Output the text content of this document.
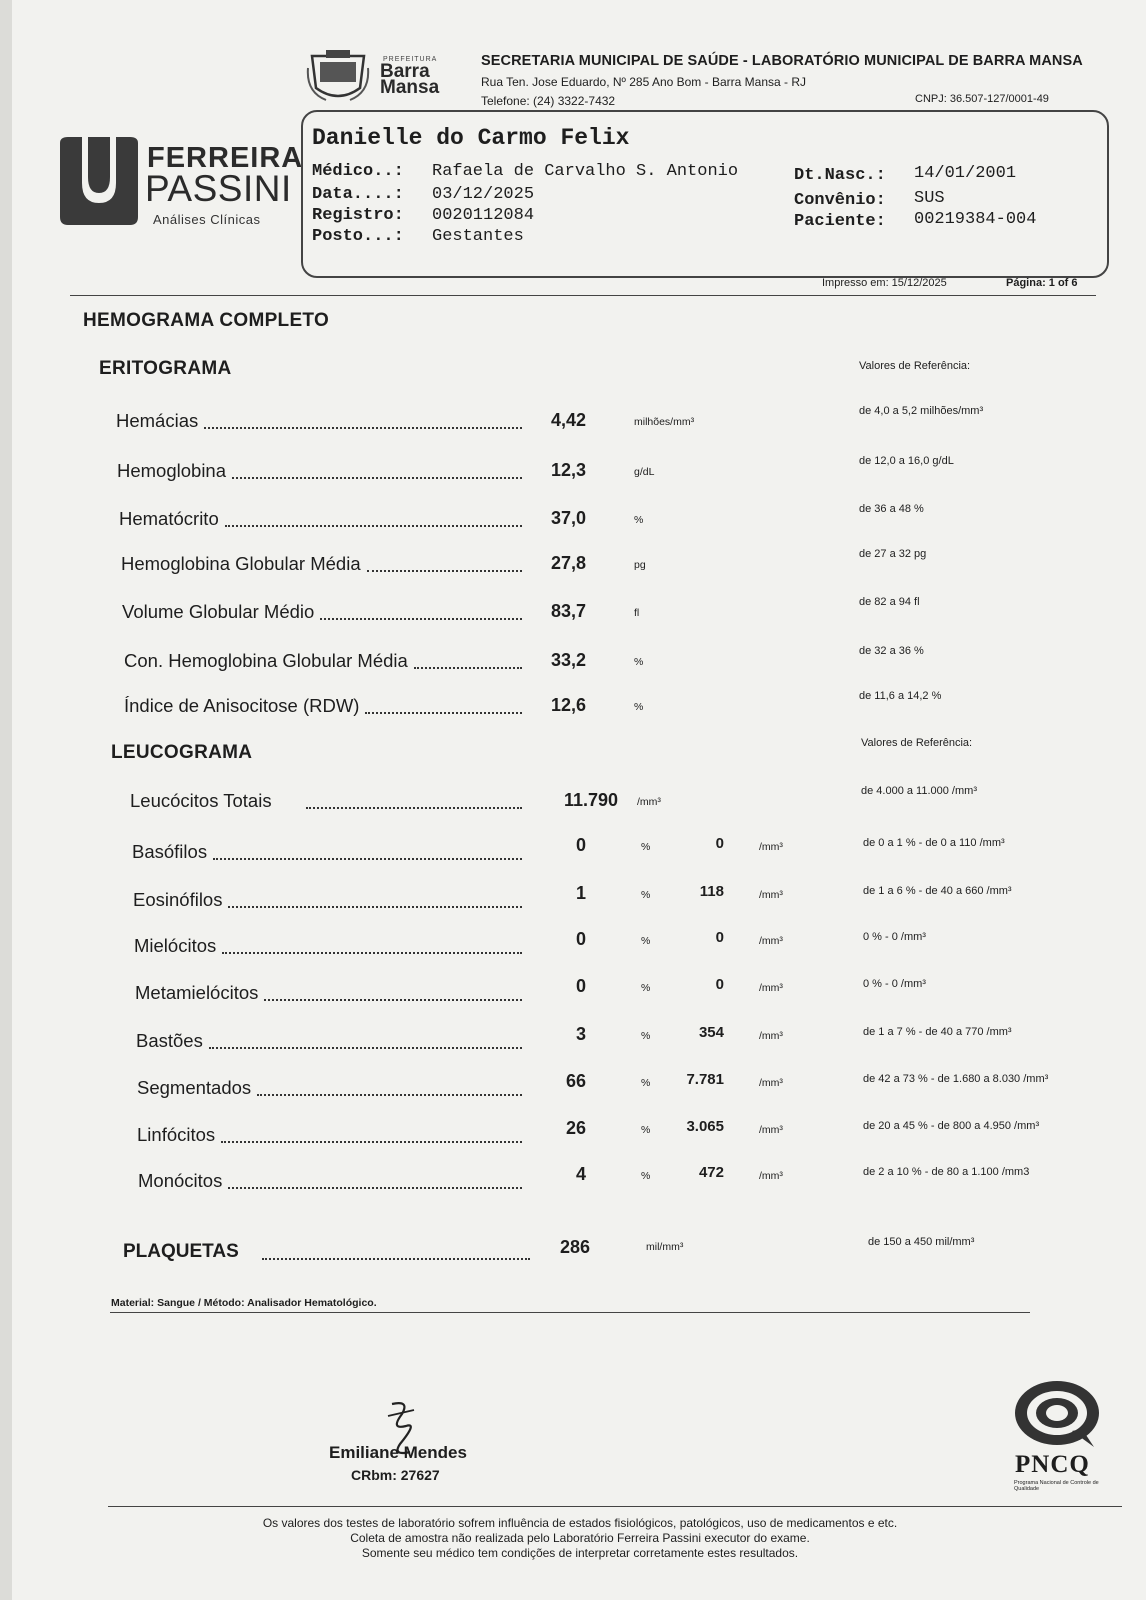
PREFEITURA
Barra
Mansa
SECRETARIA MUNICIPAL DE SAÚDE - LABORATÓRIO MUNICIPAL DE BARRA MANSA
Rua Ten. Jose Eduardo, Nº 285 Ano Bom - Barra Mansa - RJ
Telefone: (24) 3322-7432	CNPJ: 36.507-127/0001-49
FERREIRA
PASSINI
Análises Clínicas
Danielle do Carmo Felix
Médico..: Rafaela de Carvalho S. Antonio
Data....: 03/12/2025
Registro: 0020112084
Posto...: Gestantes
Dt.Nasc.: 14/01/2001
Convênio: SUS
Paciente: 00219384-004
Impresso em: 15/12/2025	Página: 1 of 6
HEMOGRAMA COMPLETO
ERITOGRAMA	Valores de Referência:
Hemácias	4,42	milhões/mm³
de 4,0 a 5,2 milhões/mm³
Hemoglobina	12,3	g/dL
de 12,0 a 16,0 g/dL
Hematócrito	37,0	%
de 36 a 48 %
Hemoglobina Globular Média	27,8	pg
de 27 a 32 pg
Volume Globular Médio	83,7	fl
de 82 a 94 fl
Con. Hemoglobina Globular Média	33,2	%
de 32 a 36 %
Índice de Anisocitose (RDW)	12,6	%
de 11,6 a 14,2 %
LEUCOGRAMA	Valores de Referência:
Leucócitos Totais	11.790 /mm³
de 4.000 a 11.000 /mm³
Basófilos	0	%	0	/mm³	de 0 a 1 % - de 0 a 110 /mm³
Eosinófilos	1	%	118	/mm³	de 1 a 6 % - de 40 a 660 /mm³
Mielócitos	0	%	0	/mm³	0 % - 0 /mm³
Metamielócitos	0	%	0	/mm³	0 % - 0 /mm³
Bastões	3	%	354	/mm³	de 1 a 7 % - de 40 a 770 /mm³
Segmentados	66	%	7.781	/mm³	de 42 a 73 % - de 1.680 a 8.030 /mm³
Linfócitos	26	%	3.065	/mm³	de 20 a 45 % - de 800 a 4.950 /mm³
Monócitos	4	%	472	/mm³	de 2 a 10 % - de 80 a 1.100 /mm3
PLAQUETAS	286	mil/mm³	de 150 a 450 mil/mm³
Material: Sangue / Método: Analisador Hematológico.
Emiliane Mendes
CRbm: 27627	PNCQ
Programa Nacional de Controle de Qualidade
Os valores dos testes de laboratório sofrem influência de estados fisiológicos, patológicos, uso de medicamentos e etc.
Coleta de amostra não realizada pelo Laboratório Ferreira Passini executor do exame.
Somente seu médico tem condições de interpretar corretamente estes resultados.
